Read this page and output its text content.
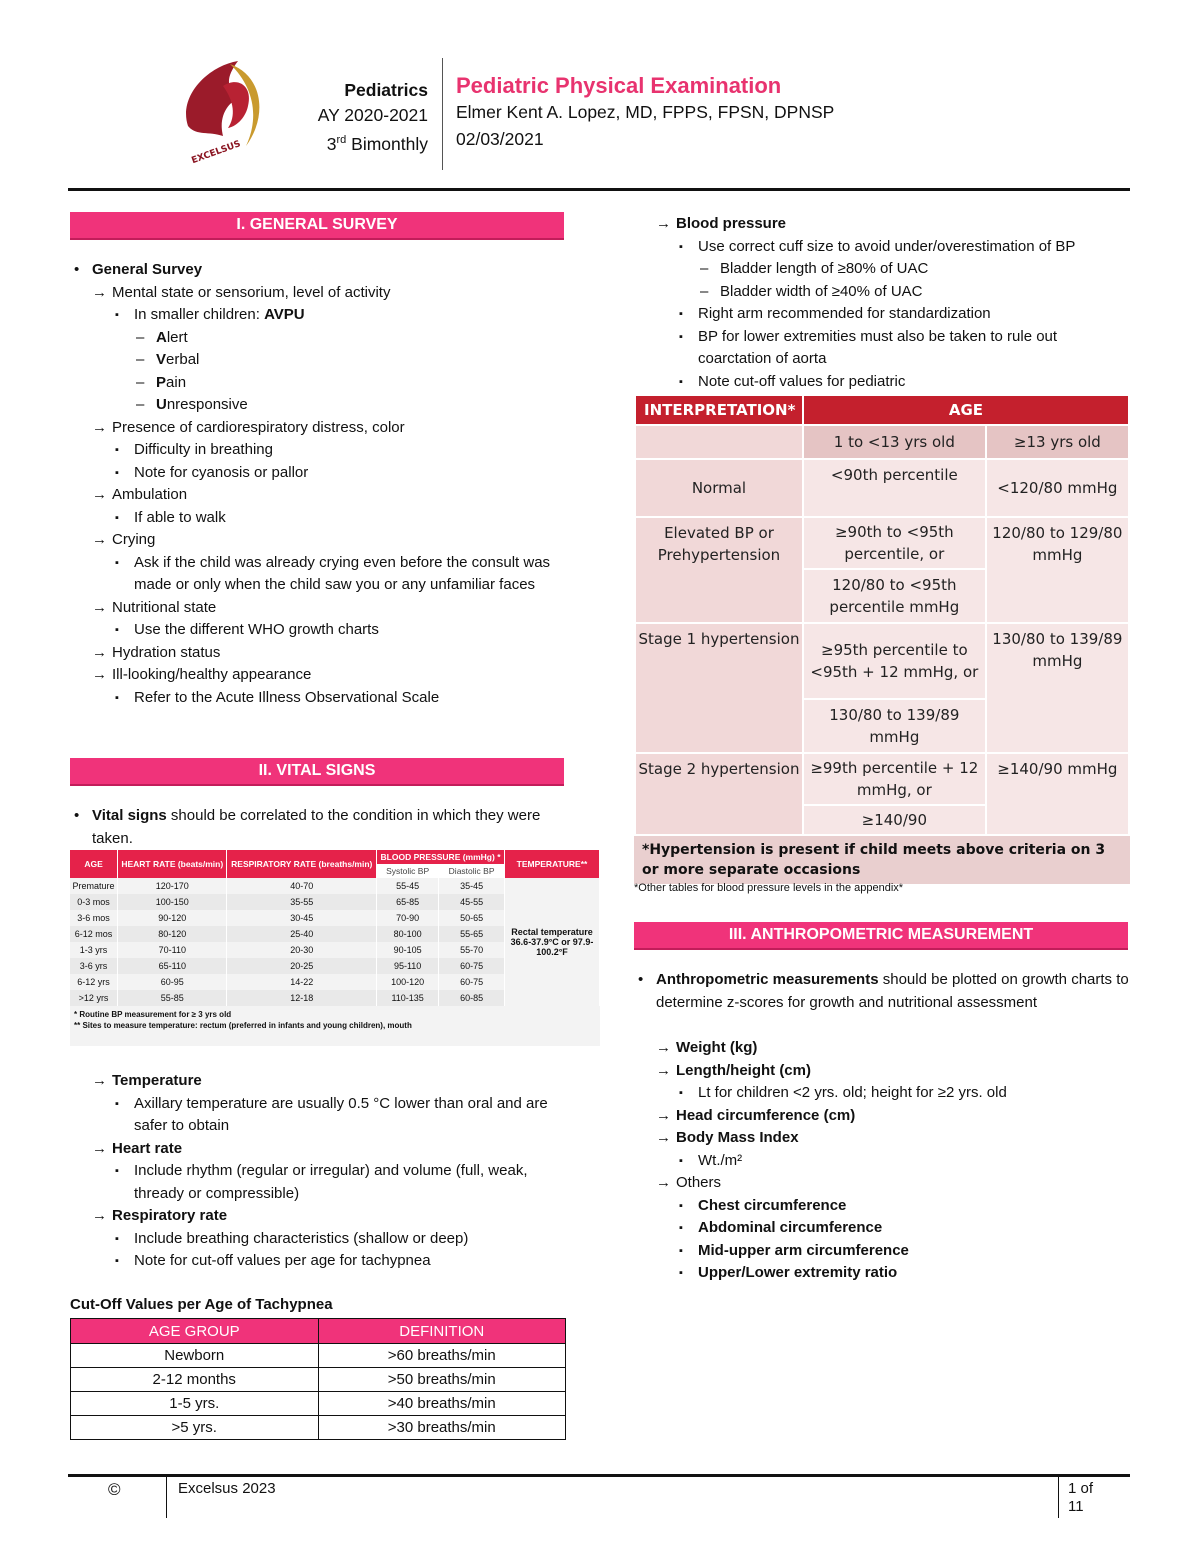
EXCELSUS
Pediatrics
AY 2020-2021
3rd Bimonthly
Pediatric Physical Examination
Elmer Kent A. Lopez, MD, FPPS, FPSN, DPNSP
02/03/2021
I. GENERAL SURVEY
• General Survey
→ Mental state or sensorium, level of activity
▪ In smaller children: AVPU
– Alert
– Verbal
– Pain
– Unresponsive
→ Presence of cardiorespiratory distress, color
▪ Difficulty in breathing
▪ Note for cyanosis or pallor
→ Ambulation
▪ If able to walk
→ Crying
▪ Ask if the child was already crying even before the consult was made or only when the child saw you or any unfamiliar faces
→ Nutritional state
▪ Use the different WHO growth charts
→ Hydration status
→ Ill-looking/healthy appearance
▪ Refer to the Acute Illness Observational Scale
II. VITAL SIGNS
• Vital signs should be correlated to the condition in which they were taken.
AGE	HEART RATE (beats/min)	RESPIRATORY RATE (breaths/min)	BLOOD PRESSURE (mmHg) *		TEMPERATURE**
			Systolic BP	Diastolic BP	
Premature	120-170	40-70	55-45	35-45	Rectal temperature 36.6-37.9°C or 97.9-100.2°F
0-3 mos	100-150	35-55	65-85	45-55	
3-6 mos	90-120	30-45	70-90	50-65	
6-12 mos	80-120	25-40	80-100	55-65	
1-3 yrs	70-110	20-30	90-105	55-70	
3-6 yrs	65-110	20-25	95-110	60-75	
6-12 yrs	60-95	14-22	100-120	60-75	
>12 yrs	55-85	12-18	110-135	60-85	
* Routine BP measurement for ≥ 3 yrs old
** Sites to measure temperature: rectum (preferred in infants and young children), mouth
→ Temperature
▪ Axillary temperature are usually 0.5 °C lower than oral and are safer to obtain
→ Heart rate
▪ Include rhythm (regular or irregular) and volume (full, weak, thready or compressible)
→ Respiratory rate
▪ Include breathing characteristics (shallow or deep)
▪ Note for cut-off values per age for tachypnea
Cut-Off Values per Age of Tachypnea
AGE GROUP	DEFINITION
Newborn	>60 breaths/min
2-12 months	>50 breaths/min
1-5 yrs.	>40 breaths/min
>5 yrs.	>30 breaths/min
→ Blood pressure
▪ Use correct cuff size to avoid under/overestimation of BP
– Bladder length of ≥80% of UAC
– Bladder width of ≥40% of UAC
▪ Right arm recommended for standardization
▪ BP for lower extremities must also be taken to rule out coarctation of aorta
▪ Note cut-off values for pediatric
INTERPRETATION*	AGE	
	1 to <13 yrs old	≥13 yrs old
Normal	<90th percentile	<120/80 mmHg
Elevated BP or Prehypertension	≥90th to <95th percentile, or	120/80 to 129/80 mmHg
	120/80 to <95th percentile mmHg	
Stage 1 hypertension	≥95th percentile to <95th + 12 mmHg, or	130/80 to 139/89 mmHg
	130/80 to 139/89 mmHg	
Stage 2 hypertension	≥99th percentile + 12 mmHg, or	≥140/90 mmHg
	≥140/90	
*Hypertension is present if child meets above criteria on 3 or more separate occasions
*Other tables for blood pressure levels in the appendix*
III. ANTHROPOMETRIC MEASUREMENT
• Anthropometric measurements should be plotted on growth charts to determine z-scores for growth and nutritional assessment
→ Weight (kg)
→ Length/height (cm)
▪ Lt for children <2 yrs. old; height for ≥2 yrs. old
→ Head circumference (cm)
→ Body Mass Index
▪ Wt./m²
→ Others
▪ Chest circumference
▪ Abdominal circumference
▪ Mid-upper arm circumference
▪ Upper/Lower extremity ratio
©	Excelsus 2023	1 of 11
